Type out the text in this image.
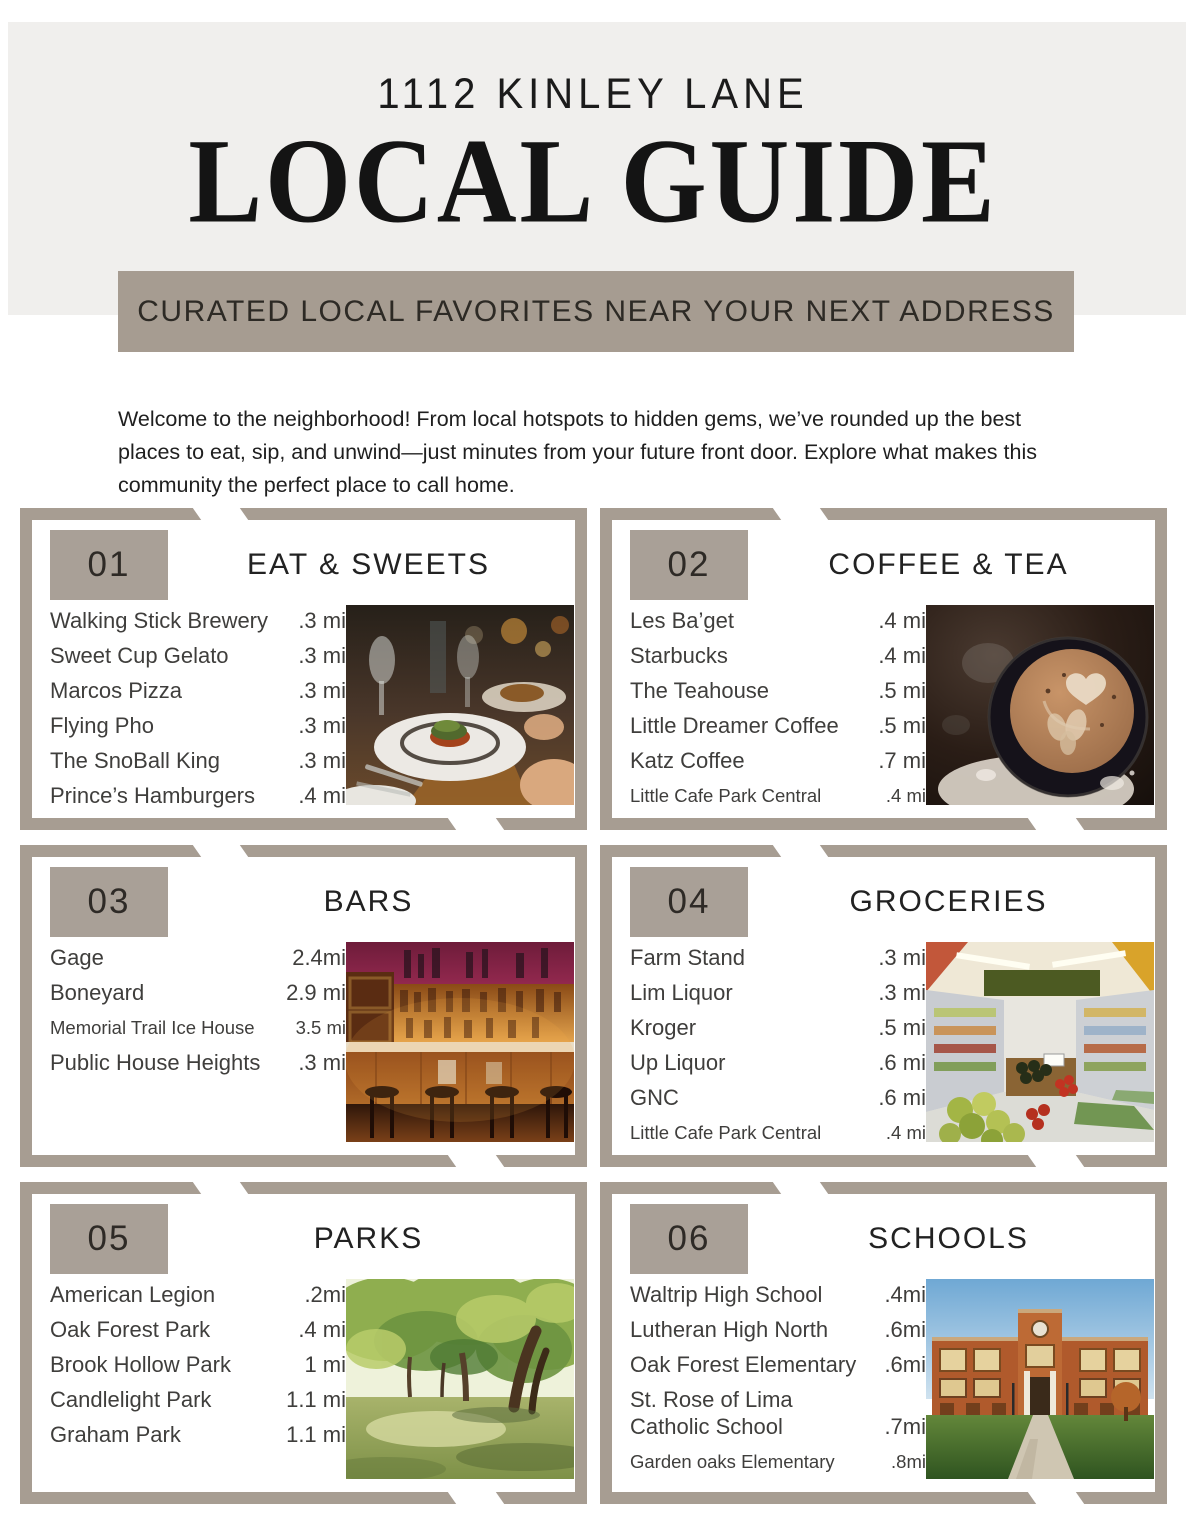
1112 KINLEY LANE
LOCAL GUIDE
CURATED LOCAL FAVORITES NEAR YOUR NEXT ADDRESS

Welcome to the neighborhood! From local hotspots to hidden gems, we’ve rounded up the best places to eat, sip, and unwind—just minutes from your future front door. Explore what makes this community the perfect place to call home.

01	EAT & SWEETS
Walking Stick Brewery .3 mi
Sweet Cup Gelato	.3 mi
Marcos Pizza	.3 mi
Flying Pho	.3 mi
The SnoBall King	.3 mi
Prince’s Hamburgers .4 mi
02	COFFEE & TEA
Les Ba’get	.4 mi
Starbucks	.4 mi
The Teahouse	.5 mi
Little Dreamer Coffee .5 mi
Katz Coffee	.7 mi
Little Cafe Park Central	.4 mi
03	BARS
Gage	2.4mi
Boneyard	2.9 mi
Memorial Trail Ice House 3.5 mi
Public House Heights .3 mi
04	GROCERIES
Farm Stand	.3 mi
Lim Liquor	.3 mi
Kroger	.5 mi
Up Liquor	.6 mi
GNC	.6 mi
Little Cafe Park Central	.4 mi
05	PARKS
American Legion	.2mi
Oak Forest Park	.4 mi
Brook Hollow Park	1 mi
Candlelight Park	1.1 mi
Graham Park	1.1 mi
06	SCHOOLS
Waltrip High School	.4mi
Lutheran High North	.6mi
Oak Forest Elementary .6mi
St. Rose of Lima Catholic School	.7mi
Garden oaks Elementary	.8mi
